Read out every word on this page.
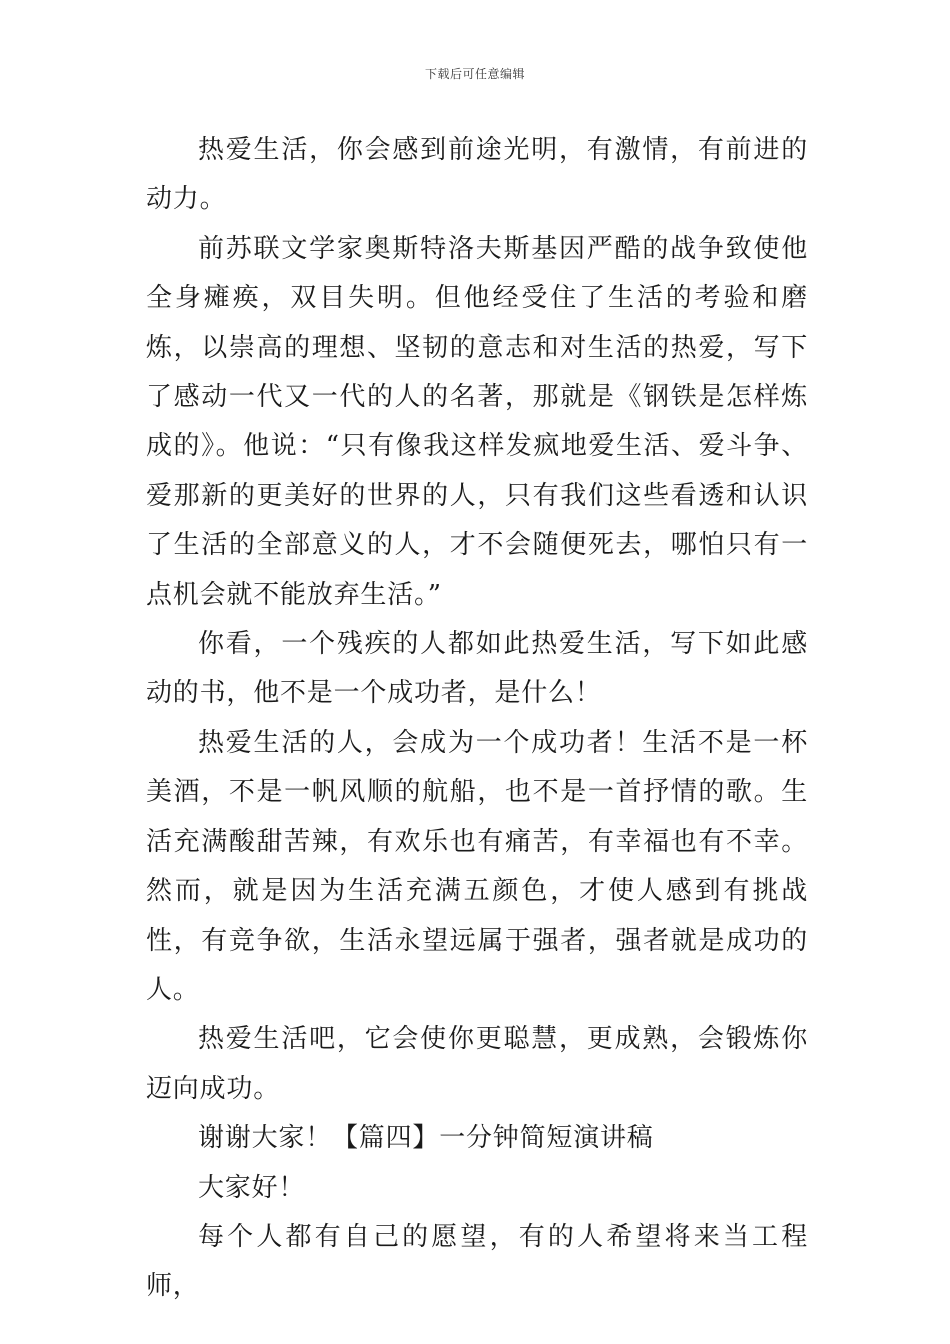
下载后可任意编辑

热爱生活，你会感到前途光明，有激情，有前进的动力。

前苏联文学家奥斯特洛夫斯基因严酷的战争致使他全身瘫痪，双目失明。但他经受住了生活的考验和磨炼，以崇高的理想、坚韧的意志和对生活的热爱，写下了感动一代又一代的人的名著，那就是《钢铁是怎样炼成的》。他说：“只有像我这样发疯地爱生活、爱斗争、爱那新的更美好的世界的人，只有我们这些看透和认识了生活的全部意义的人，才不会随便死去，哪怕只有一点机会就不能放弃生活。”

你看，一个残疾的人都如此热爱生活，写下如此感动的书，他不是一个成功者，是什么！

热爱生活的人，会成为一个成功者！生活不是一杯美酒，不是一帆风顺的航船，也不是一首抒情的歌。生活充满酸甜苦辣，有欢乐也有痛苦，有幸福也有不幸。然而，就是因为生活充满五颜色，才使人感到有挑战性，有竞争欲，生活永望远属于强者，强者就是成功的人。

热爱生活吧，它会使你更聪慧，更成熟，会锻炼你迈向成功。

谢谢大家！【篇四】一分钟简短演讲稿

大家好！

每个人都有自己的愿望，有的人希望将来当工程师，
